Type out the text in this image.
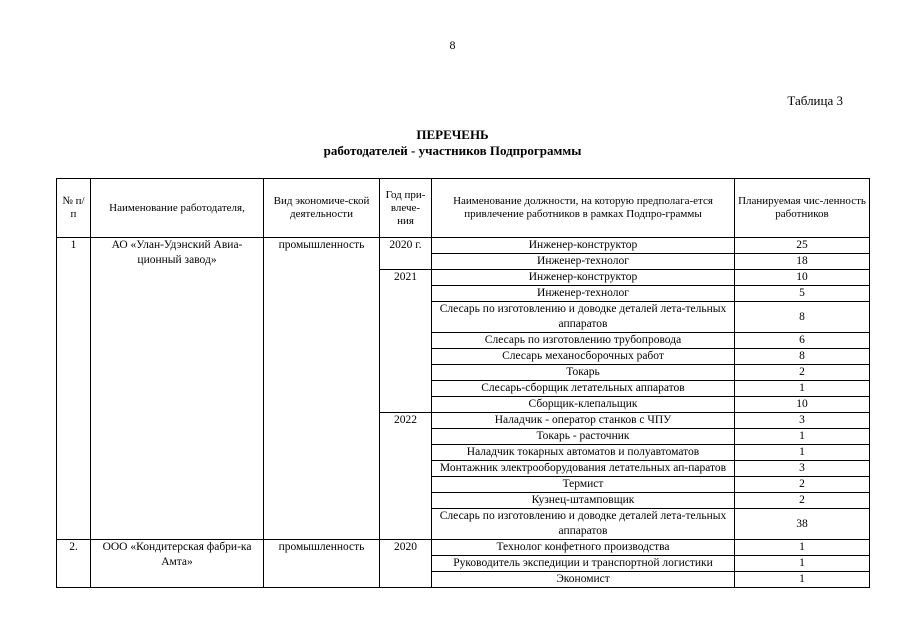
8
Таблица 3
ПЕРЕЧЕНЬ
работодателей - участников Подпрограммы
№ п/п	Наименование работодателя,	Вид экономиче-ской деятельности	Год при-влече-ния	Наименование должности, на которую предполага-ется привлечение работников в рамках Подпро-граммы	Планируемая чис-ленность работников
1	АО «Улан-Удэнский Авиа-ционный завод»	промышленность	2020 г.	Инженер-конструктор	25
				Инженер-технолог	18
			2021	Инженер-конструктор	10
				Инженер-технолог	5
				Слесарь по изготовлению и доводке деталей лета-тельных аппаратов	8
				Слесарь по изготовлению трубопровода	6
				Слесарь механосборочных работ	8
				Токарь	2
				Слесарь-сборщик летательных аппаратов	1
				Сборщик-клепальщик	10
			2022	Наладчик - оператор станков с ЧПУ	3
				Токарь - расточник	1
				Наладчик токарных автоматов и полуавтоматов	1
				Монтажник электрооборудования летательных ап-паратов	3
				Термист	2
				Кузнец-штамповщик	2
				Слесарь по изготовлению и доводке деталей лета-тельных аппаратов	38
2.	ООО «Кондитерская фабри-ка Амта»	промышленность	2020	Технолог конфетного производства	1
				Руководитель экспедиции и транспортной логистики	1
				Экономист	1
